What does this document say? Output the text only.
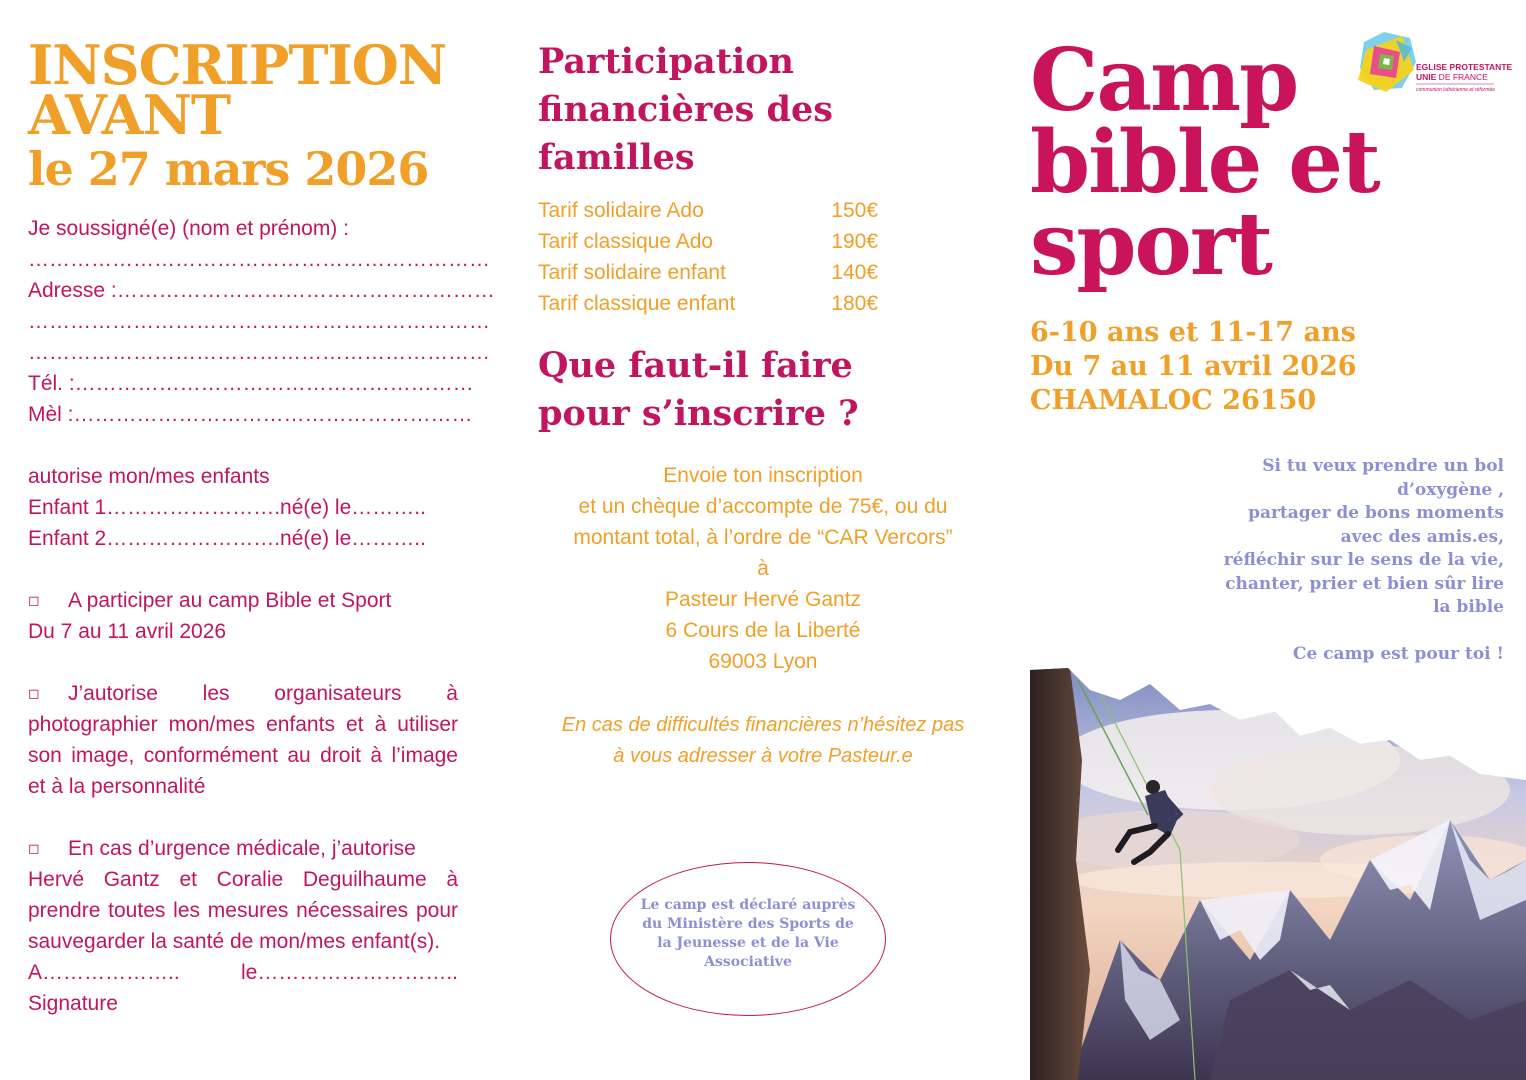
INSCRIPTION
AVANT
le 27 mars 2026

Je soussigné(e) (nom et prénom) :

…………………………………………………………

Adresse :………………………………………………

…………………………………………………………

…………………………………………………………

Tél. :…………………………………………………

Mèl :…………………………………………………

autorise mon/mes enfants

Enfant 1…………………….né(e) le………..

Enfant 2…………………….né(e) le………..

◻ A participer au camp Bible et Sport

Du 7 au 11 avril 2026

◻ J’autorise les organisateurs à photographier mon/mes enfants et à utiliser son image, conformément au droit à l’image et à la personnalité

◻ En cas d’urgence médicale, j’autorise

Hervé Gantz et Coralie Deguilhaume à prendre toutes les mesures nécessaires pour sauvegarder la santé de mon/mes enfant(s).

A………………..	le………………………..

Signature

Participation
financières des
familles
Tarif solidaire Ado	150€
Tarif classique Ado	190€
Tarif solidaire enfant	140€
Tarif classique enfant	180€
Que faut-il faire
pour s’inscrire ?

Envoie ton inscription

et un chèque d’accompte de 75€, ou du

montant total, à l’ordre de “CAR Vercors”

à

Pasteur Hervé Gantz

6 Cours de la Liberté

69003 Lyon

En cas de difficultés financières n’hésitez pas

à vous adresser à votre Pasteur.e

Le camp est déclaré auprès du Ministère des Sports de la Jeunesse et de la Vie Associative

Camp
bible et
sport
EGLISE PROTESTANTE
UNIE DE FRANCE
communion luthérienne et réformée
6-10 ans et 11-17 ans
Du 7 au 11 avril 2026
CHAMALOC 26150

Si tu veux prendre un bol

d’oxygène ,

partager de bons moments

avec des amis.es,

réfléchir sur le sens de la vie,

chanter, prier et bien sûr lire

la bible

Ce camp est pour toi !
